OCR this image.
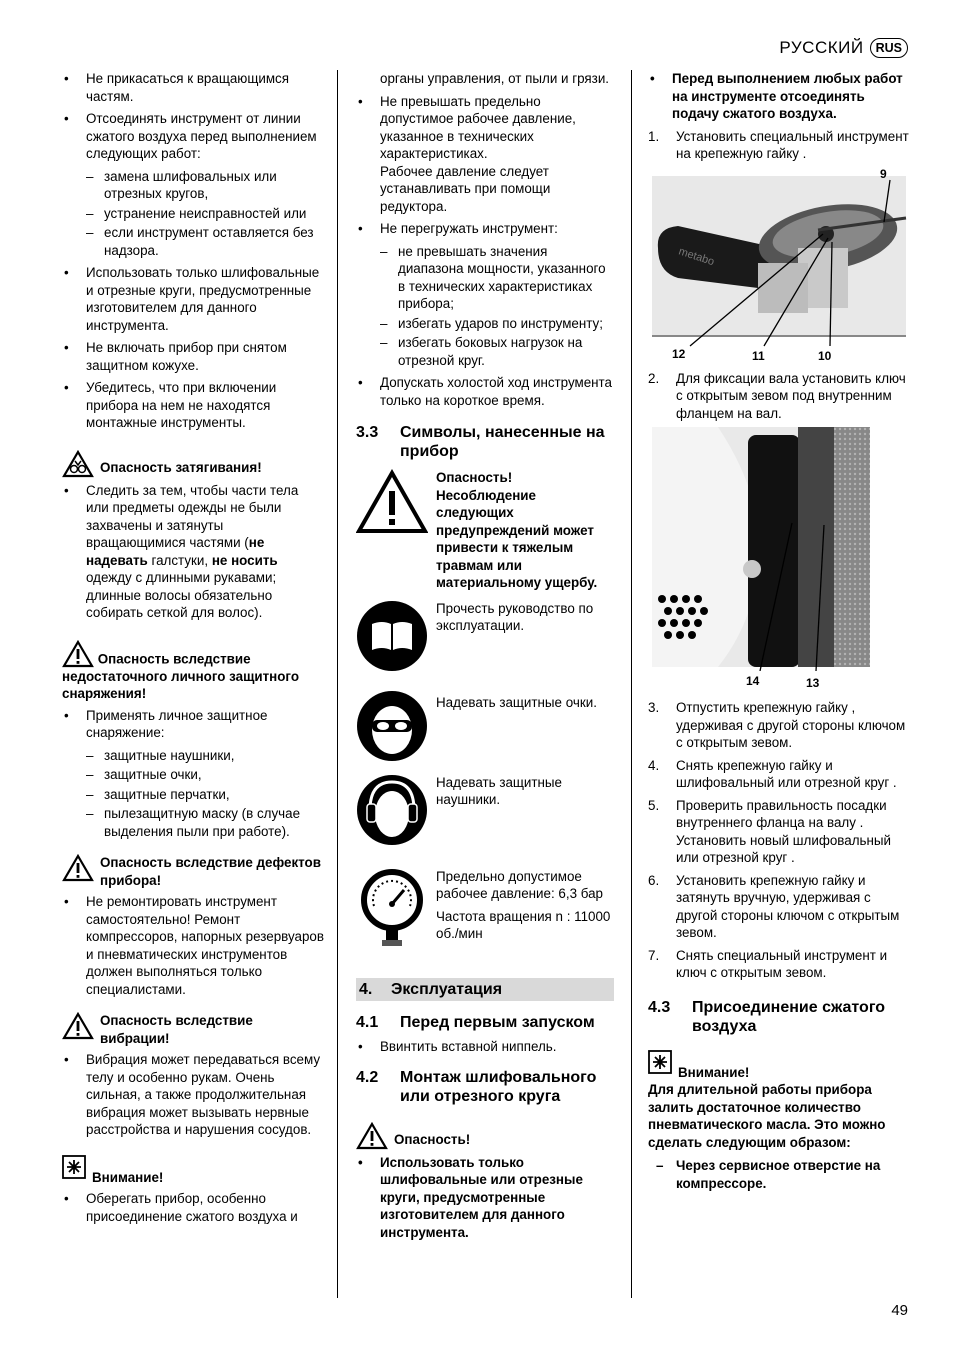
РУССКИЙ RUS
• Не прикасаться к вращающимся частям.
• Отсоединять инструмент от линии сжатого воздуха перед выполнением следующих работ:
– замена шлифовальных или отрезных кругов,
– устранение неисправностей или
– если инструмент оставляется без надзора.
• Использовать только шлифовальные и отрезные круги, предусмотренные изготовителем для данного инструмента.
• Не включать прибор при снятом защитном кожухе.
• Убедитесь, что при включении прибора на нем не находятся монтажные инструменты.
Опасность затягивания!
• Следить за тем, чтобы части тела или предметы одежды не были захвачены и затянуты вращающимися частями (не надевать галстуки, не носить одежду с длинными рукавами; длинные волосы обязательно собирать сеткой для волос).
Опасность вследствие недостаточного личного защитного снаряжения!
• Применять личное защитное снаряжение:
– защитные наушники,
– защитные очки,
– защитные перчатки,
– пылезащитную маску (в случае выделения пыли при работе).
Опасность вследствие дефектов прибора!
• Не ремонтировать инструмент самостоятельно! Ремонт компрессоров, напорных резервуаров и пневматических инструментов должен выполняться только специалистами.
Опасность вследствие вибрации!
• Вибрация может передаваться всему телу и особенно рукам. Очень сильная, а также продолжительная вибрация может вызывать нервные расстройства и нарушения сосудов.
Внимание!
• Оберегать прибор, особенно присоединение сжатого воздуха и
органы управления, от пыли и грязи.
• Не превышать предельно допустимое рабочее давление, указанное в технических характеристиках.
Рабочее давление следует устанавливать при помощи редуктора.
• Не перегружать инструмент:
– не превышать значения диапазона мощности, указанного в технических характеристиках прибора;
– избегать ударов по инструменту;
– избегать боковых нагрузок на отрезной круг.
• Допускать холостой ход инструмента только на короткое время.
3.3	Символы, нанесенные на прибор
Опасность! Несоблюдение следующих предупреждений может привести к тяжелым травмам или материальному ущербу.
Прочесть руководство по эксплуатации.
Надевать защитные очки.
Надевать защитные наушники.
Предельно допустимое рабочее давление: 6,3 бар
Частота вращения n : 11000 об./мин
4.	Эксплуатация
4.1	Перед первым запуском
• Ввинтить вставной ниппель.
4.2	Монтаж шлифовального или отрезного круга
Опасность!
• Использовать только шлифовальные или отрезные круги, предусмотренные изготовителем для данного инструмента.
• Перед выполнением любых работ на инструменте отсоединять подачу сжатого воздуха.
1. Установить специальный инструмент на крепежную гайку .
metabo
9
12	11	10
2. Для фиксации вала установить ключ с открытым зевом под внутренним фланцем на вал.
14	13
3. Отпустить крепежную гайку , удерживая с другой стороны ключом с открытым зевом.
4. Снять крепежную гайку и шлифовальный или отрезной круг .
5. Проверить правильность посадки внутреннего фланца на валу . Установить новый шлифовальный или отрезной круг .
6. Установить крепежную гайку и затянуть вручную, удерживая с другой стороны ключом с открытым зевом.
7. Снять специальный инструмент и ключ с открытым зевом.
4.3	Присоединение сжатого воздуха
Внимание!
Для длительной работы прибора залить достаточное количество пневматического масла. Это можно сделать следующим образом:
– Через сервисное отверстие на компрессоре.
49
